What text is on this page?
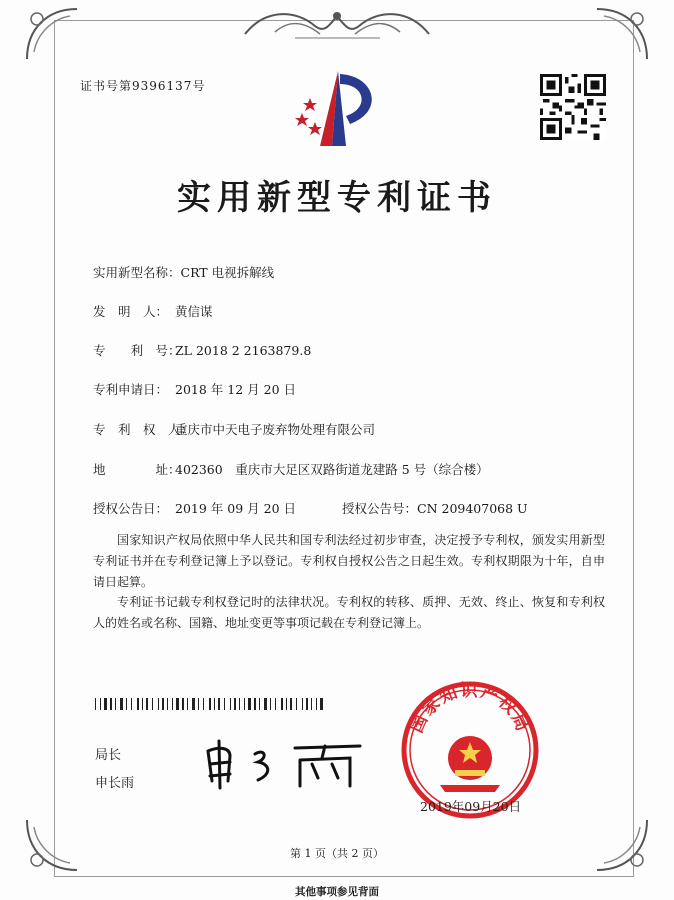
证书号第9396137号
实用新型专利证书
实用新型名称：CRT 电视拆解线
发　明　人： 黄信谋
专　　利　号：ZL 2018 2 2163879.8
专利申请日： 2018 年 12 月 20 日
专　利　权　人：重庆市中天电子废弃物处理有限公司
地　　　　址：402360　重庆市大足区双路街道龙建路 5 号（综合楼）
授权公告日： 2019 年 09 月 20 日	授权公告号：CN 209407068 U
国家知识产权局依照中华人民共和国专利法经过初步审查，决定授予专利权，颁发实用新型专利证书并在专利登记簿上予以登记。专利权自授权公告之日起生效。专利权期限为十年，自申请日起算。
专利证书记载专利权登记时的法律状况。专利权的转移、质押、无效、终止、恢复和专利权人的姓名或名称、国籍、地址变更等事项记载在专利登记簿上。
局长
申长雨
国家知识产权局
2019年09月20日
第 1 页（共 2 页）
其他事项参见背面
